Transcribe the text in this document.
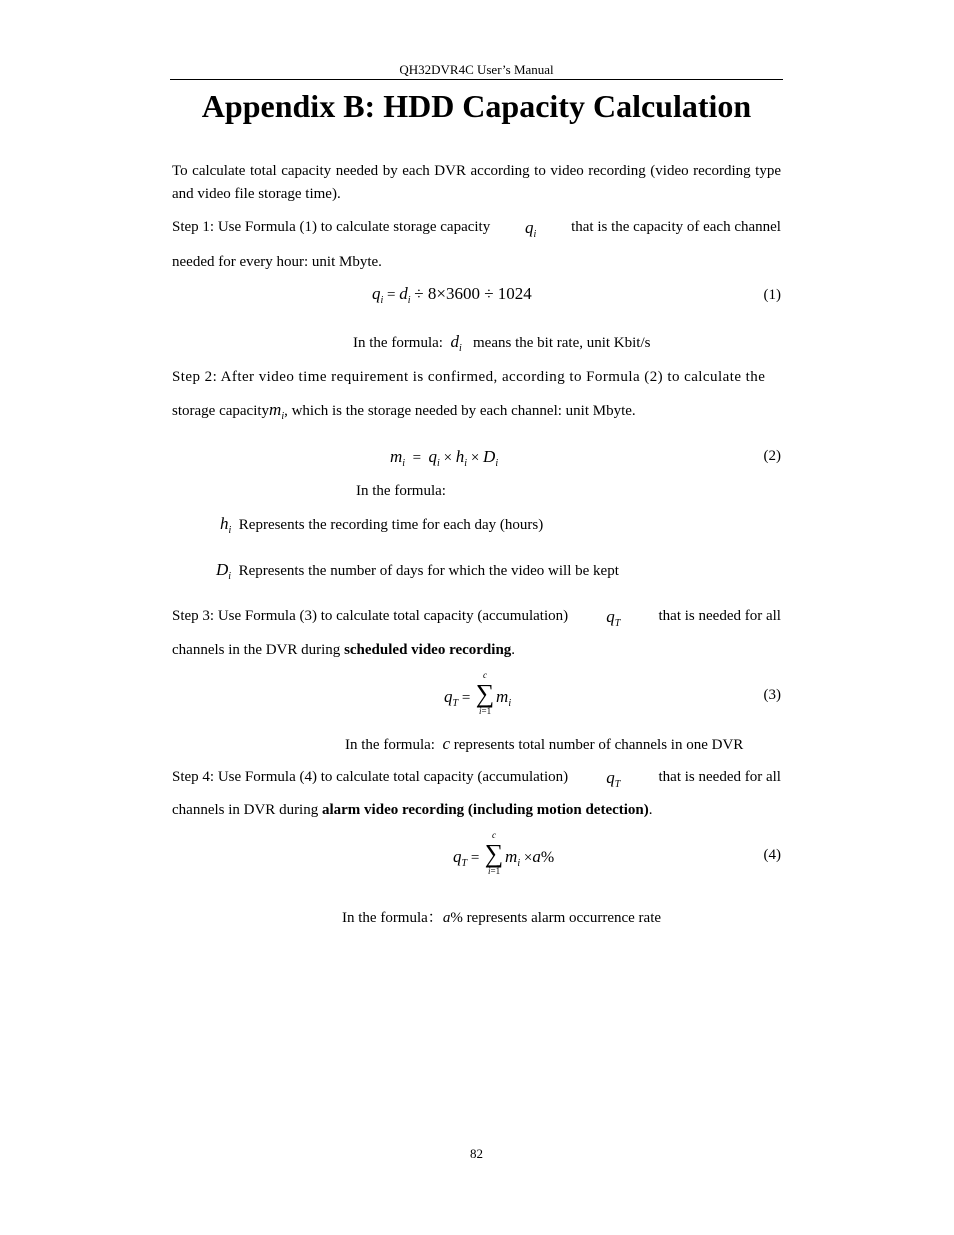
QH32DVR4C User’s Manual
Appendix B: HDD Capacity Calculation
To calculate total capacity needed by each DVR according to video recording (video recording type and video file storage time).
Step 1: Use Formula (1) to calculate storage capacity $q_i$ that is the capacity of each channel
needed for every hour: unit Mbyte.
$q_i = d_i \div 8\times 3600 \div 1024$	(1)
In the formula: $d_i$ means the bit rate, unit Kbit/s
Step 2: After video time requirement is confirmed, according to Formula (2) to calculate the
storage capacitym$_i$, which is the storage needed by each channel: unit Mbyte.
$m_i = q_i \times h_i \times D_i$	(2)
In the formula:
$h_i$ Represents the recording time for each day (hours)
$D_i$ Represents the number of days for which the video will be kept
Step 3: Use Formula (3) to calculate total capacity (accumulation) $q_T$	that is needed for all
channels in the DVR during scheduled video recording.
$q_T$ =
c
∑
i=1
$m_i$
(3)
In the formula: c represents total number of channels in one DVR
Step 4: Use Formula (4) to calculate total capacity (accumulation) $q_T$	that is needed for all
channels in DVR during alarm video recording (including motion detection).
$q_T$ =
c
∑
i=1
$m_i \times a\%$	(4)
In the formula：a% represents alarm occurrence rate
82
